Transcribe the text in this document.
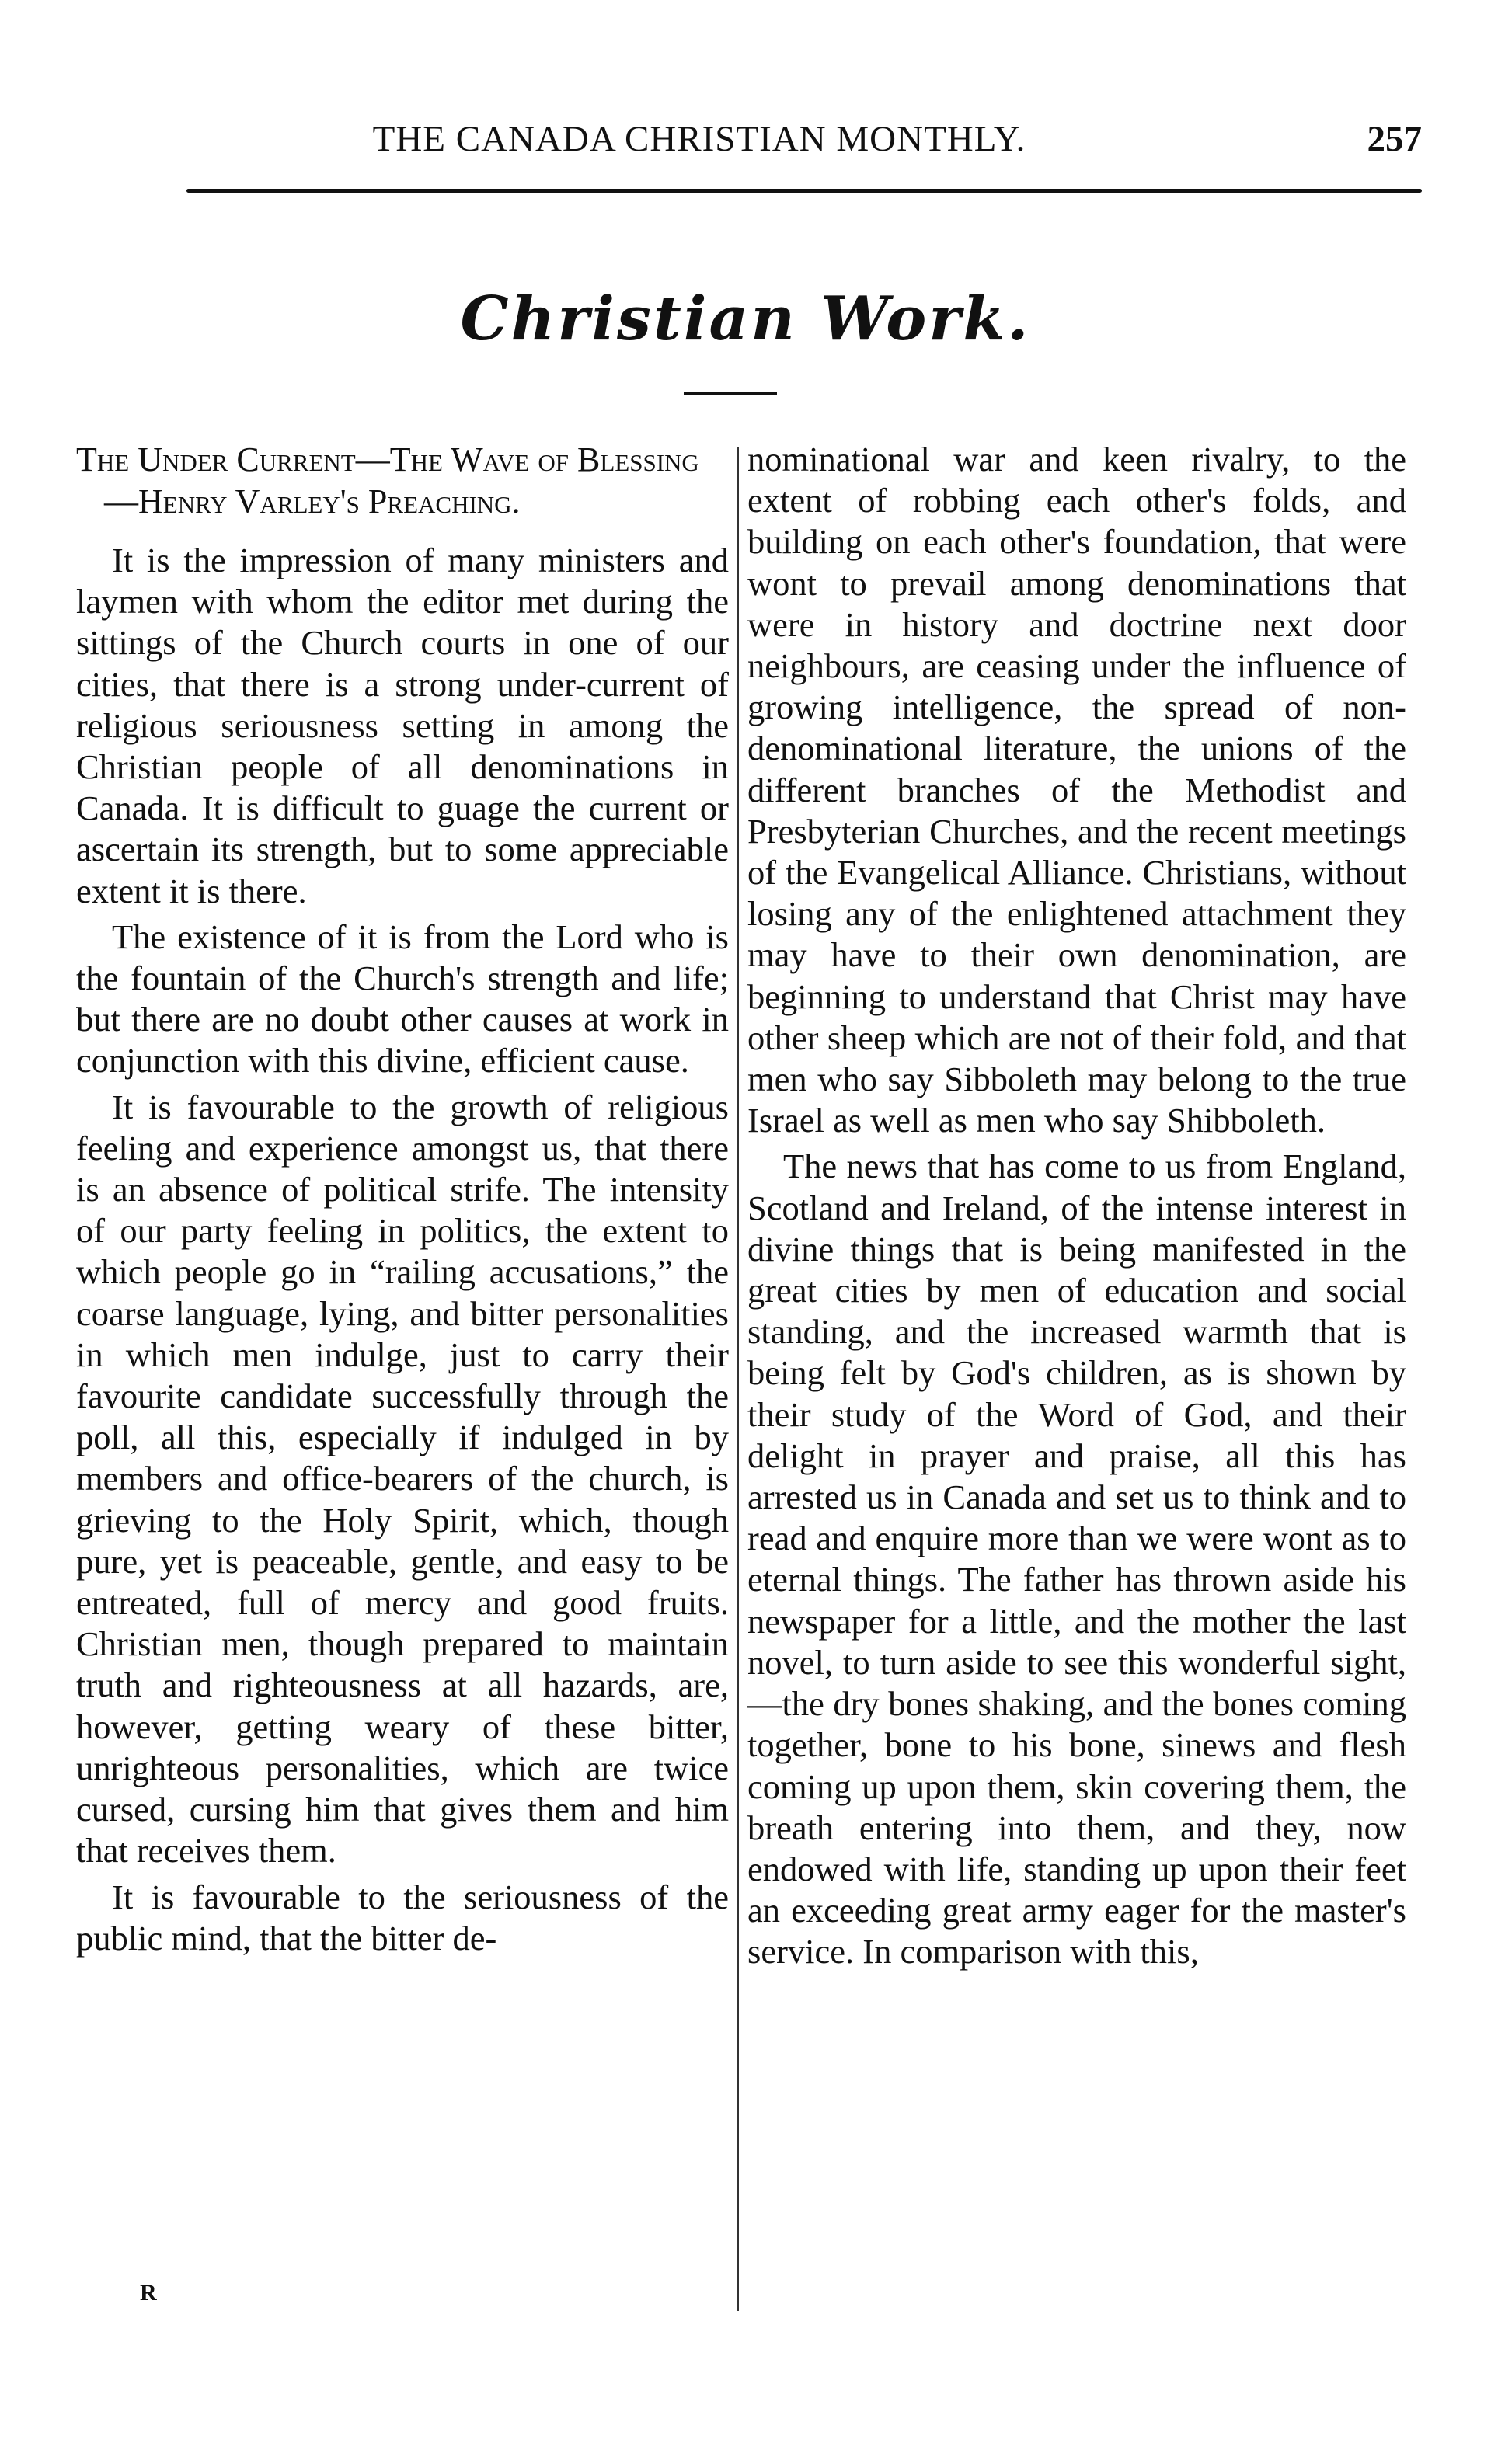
THE CANADA CHRISTIAN MONTHLY.	257
Christian Work.
The Under Current—The Wave of Blessing—Henry Varley's Preaching.

It is the impression of many ministers and laymen with whom the editor met during the sittings of the Church courts in one of our cities, that there is a strong under-current of religious seriousness setting in among the Christian people of all denominations in Canada. It is difficult to guage the current or ascertain its strength, but to some appreciable extent it is there.

The existence of it is from the Lord who is the fountain of the Church's strength and life; but there are no doubt other causes at work in conjunction with this divine, efficient cause.

It is favourable to the growth of religious feeling and experience amongst us, that there is an absence of political strife. The intensity of our party feeling in politics, the extent to which people go in “railing accusations,” the coarse language, lying, and bitter personalities in which men indulge, just to carry their favourite candidate successfully through the poll, all this, especially if indulged in by members and office-bearers of the church, is grieving to the Holy Spirit, which, though pure, yet is peaceable, gentle, and easy to be entreated, full of mercy and good fruits. Christian men, though prepared to maintain truth and righteousness at all hazards, are, however, getting weary of these bitter, unrighteous personalities, which are twice cursed, cursing him that gives them and him that receives them.

It is favourable to the seriousness of the public mind, that the bitter de-

nominational war and keen rivalry, to the extent of robbing each other's folds, and building on each other's foundation, that were wont to prevail among denominations that were in history and doctrine next door neighbours, are ceasing under the influence of growing intelligence, the spread of non-denominational literature, the unions of the different branches of the Methodist and Presbyterian Churches, and the recent meetings of the Evangelical Alliance. Christians, without losing any of the enlightened attachment they may have to their own denomination, are beginning to understand that Christ may have other sheep which are not of their fold, and that men who say Sibboleth may belong to the true Israel as well as men who say Shibboleth.

The news that has come to us from England, Scotland and Ireland, of the intense interest in divine things that is being manifested in the great cities by men of education and social standing, and the increased warmth that is being felt by God's children, as is shown by their study of the Word of God, and their delight in prayer and praise, all this has arrested us in Canada and set us to think and to read and enquire more than we were wont as to eternal things. The father has thrown aside his newspaper for a little, and the mother the last novel, to turn aside to see this wonderful sight,—the dry bones shaking, and the bones coming together, bone to his bone, sinews and flesh coming up upon them, skin covering them, the breath entering into them, and they, now endowed with life, standing up upon their feet an exceeding great army eager for the master's service. In comparison with this,

R
